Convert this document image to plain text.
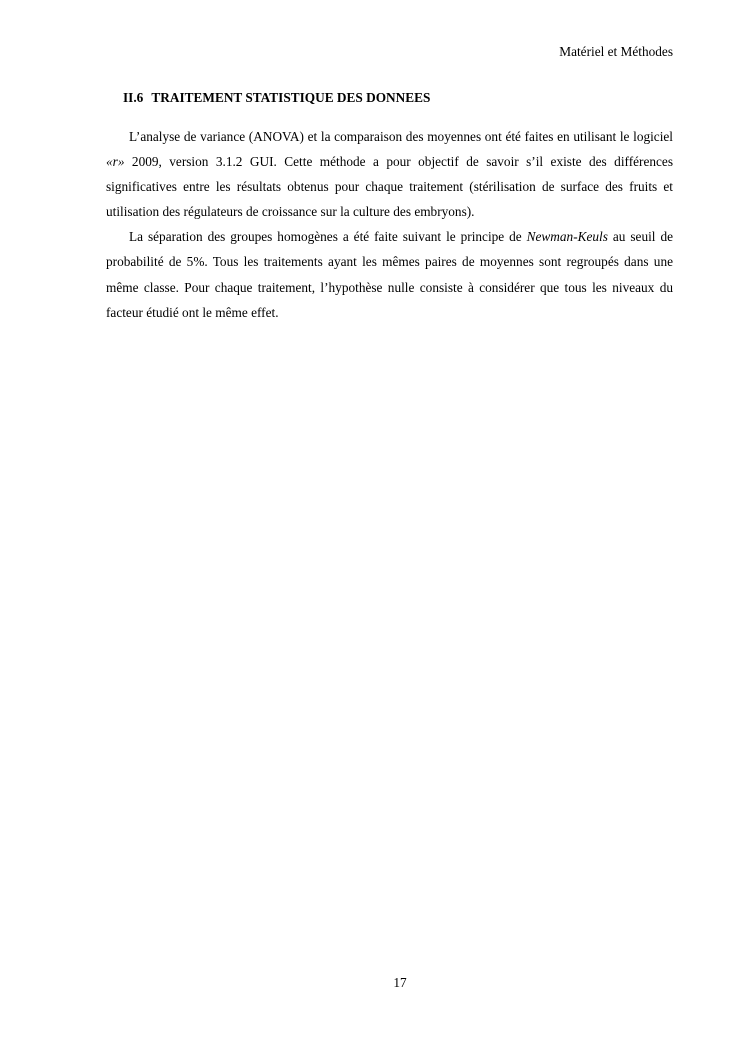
Matériel et Méthodes
II.6 TRAITEMENT STATISTIQUE DES DONNEES

L’analyse de variance (ANOVA) et la comparaison des moyennes ont été faites en utilisant le logiciel «r» 2009, version 3.1.2 GUI. Cette méthode a pour objectif de savoir s’il existe des différences significatives entre les résultats obtenus pour chaque traitement (stérilisation de surface des fruits et utilisation des régulateurs de croissance sur la culture des embryons).

La séparation des groupes homogènes a été faite suivant le principe de Newman-Keuls au seuil de probabilité de 5%. Tous les traitements ayant les mêmes paires de moyennes sont regroupés dans une même classe. Pour chaque traitement, l’hypothèse nulle consiste à considérer que tous les niveaux du facteur étudié ont le même effet.

17
